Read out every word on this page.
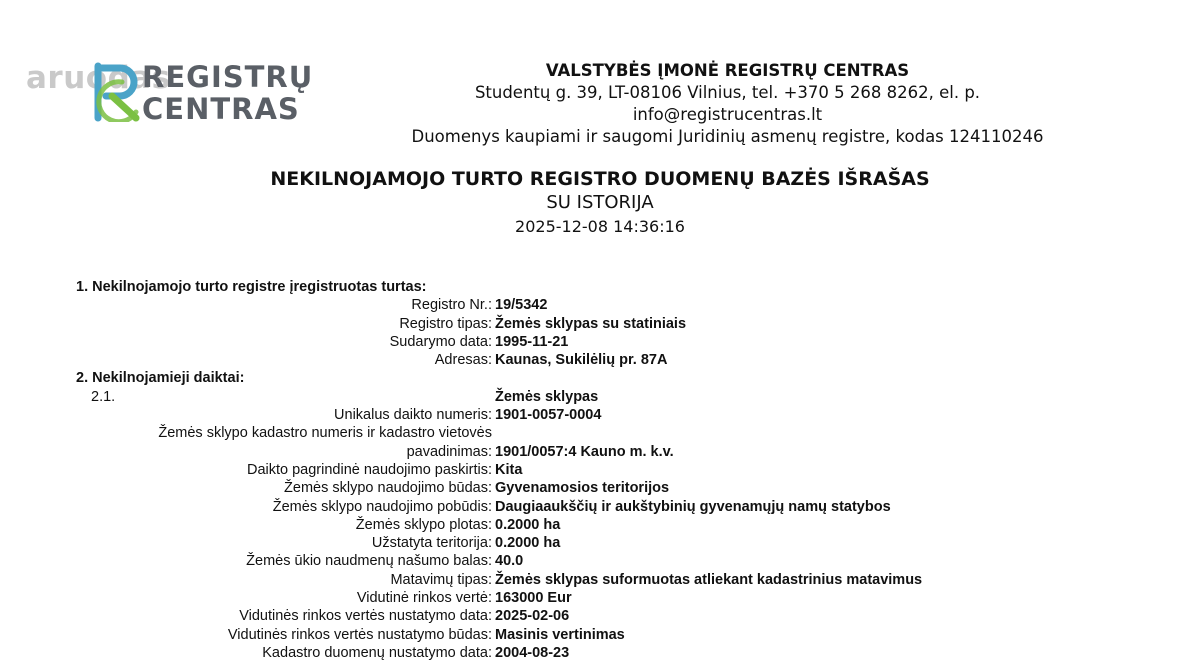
aruodas
REGISTRŲ
CENTRAS
VALSTYBĖS ĮMONĖ REGISTRŲ CENTRAS
Studentų g. 39, LT-08106 Vilnius, tel. +370 5 268 8262, el. p. info@registrucentras.lt
Duomenys kaupiami ir saugomi Juridinių asmenų registre, kodas 124110246
NEKILNOJAMOJO TURTO REGISTRO DUOMENŲ BAZĖS IŠRAŠAS
SU ISTORIJA
2025-12-08 14:36:16
1. Nekilnojamojo turto registre įregistruotas turtas:
Registro Nr.: 19/5342
Registro tipas: Žemės sklypas su statiniais
Sudarymo data: 1995-11-21
Adresas: Kaunas, Sukilėlių pr. 87A
2. Nekilnojamieji daiktai:
2.1.	Žemės sklypas
Unikalus daikto numeris: 1901-0057-0004
Žemės sklypo kadastro numeris ir kadastro vietovės
pavadinimas: 1901/0057:4 Kauno m. k.v.
Daikto pagrindinė naudojimo paskirtis: Kita
Žemės sklypo naudojimo būdas: Gyvenamosios teritorijos
Žemės sklypo naudojimo pobūdis: Daugiaaukščių ir aukštybinių gyvenamųjų namų statybos
Žemės sklypo plotas: 0.2000 ha
Užstatyta teritorija: 0.2000 ha
Žemės ūkio naudmenų našumo balas: 40.0
Matavimų tipas: Žemės sklypas suformuotas atliekant kadastrinius matavimus
Vidutinė rinkos vertė: 163000 Eur
Vidutinės rinkos vertės nustatymo data: 2025-02-06
Vidutinės rinkos vertės nustatymo būdas: Masinis vertinimas
Kadastro duomenų nustatymo data: 2004-08-23
